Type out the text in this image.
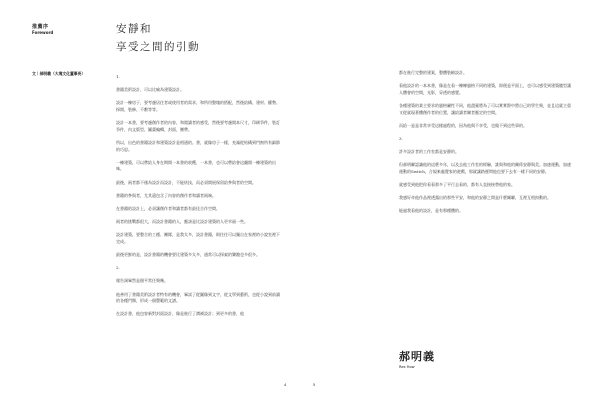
推薦序
Foreword	安靜和
享受之間的引動
文｜郝明義（大塊文化董事長）

1.

書籍美術設計，可以比喻為建築設計。

設計一棟房子，要考慮居住者或使用者的需求，和所用整塊的搭配，然後給構、建材、權勢、採開、裝修、不敷等等。

設計一本書，要考慮創作者的內容，和閱讀者的感受，然後要考慮開本尺寸，印刷爭件，裝訂爭件，內文版型，圖畫編輯，封面，腰帶。

所以，出色的書籍設計和建築設計是相通的。書，就像房子一樣，充滿從結構到門窗所有細節的巧思。

一棟建築，可以帶給人身在期間一本書的收穫，一本書，也可以帶給會這翻開一棟建築的出味。

最後，兩者都不僅為設計而設計，不能炫技，而必須開展保留給參與者的空間。

書籍的參與者，尤其還包含了內容的創作者和讀者兩端。

在書籍的設計上，必須讓創作者和讀者都有最佳合作空間。

兩者的挑戰都很大，而設計書籍的人，應該是比設計建築的人更幸福一些。

設計建築，要整合的工種、團隊，是我太多，設計書籍，則往往可以獨自在家裡的小說室裡下完成。

最後更鮮的是，設計書籍的機會要比建築多太多，通常可以探索的樂趣也多很多。

2.

報告洞畢然是個平常任聚幾。

他善用了書籍美術設計者特有的機會，畢試了從圖像到文字，從文學到藝術，也從小說到前讀的各種門類，形成一個豐範的文譜。

在設計書，他包容新對封面設計，像是進行了潤補設計；到更多的書，他

4

都在進行完整的建案，整體裝幀設計。

看他設計的一本本書，像是在看一棟棟風格不同的建築，即便是平面上，也可以感受到建築隨型讓人體會的空間，光影，穿透的感覺。

各種建築的業主要求的風格屬性不同，他盡量將為了可以實實際中將自己的學生聚，並且這就主重又從就現著體創作者的位置，讓給讀者關者應定的空間。

而給一是是非常享受這樣過程的，因為他與不享受，也做不到這些事的。

3.

許多設計者的工作室都是安靜的。

但郝明聯認識他的這麼多年，以及去他工作室的經驗，誰與和他的關係安靜與美。加速運動，加速運動的Switch，合規來處覺家的遊戲，那就讓路歷問他也要下去有一樣不同的安靜。

就感受到他把你看看那多了平行去看的，都有人直接接替他的家。

我感好奇他作品裡透露出的那些平安，和他的安靜之間是什麼關聯，互裡互相扣動的。

能過我看他的設計，是有那種體的。

郝明義
Rex How
5
